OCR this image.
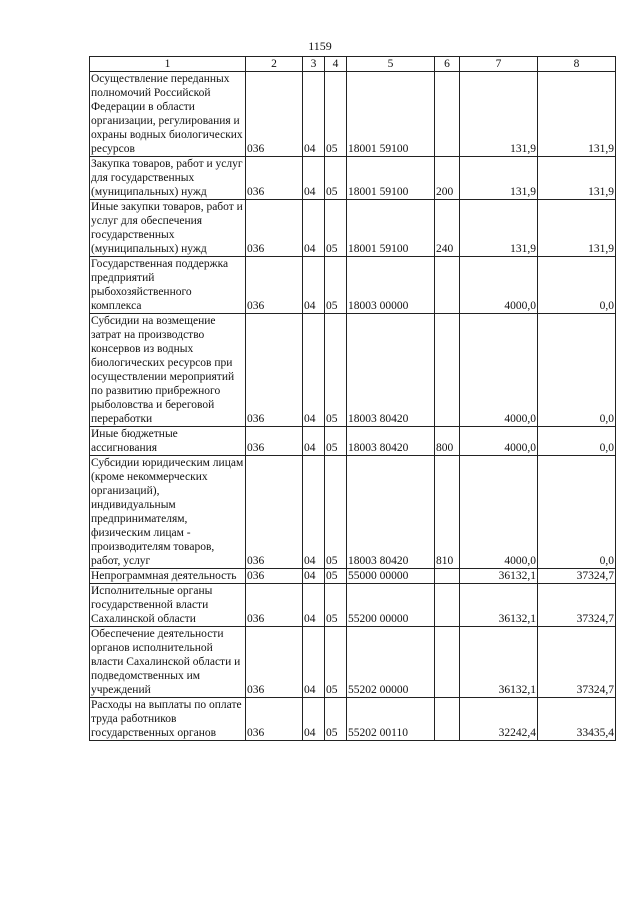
1159
1	2	3	4	5	6	7	8
Осуществление переданных полномочий Российской Федерации в области организации, регулирования и охраны водных биологических ресурсов	036	04	05	18001 59100		131,9	131,9
Закупка товаров, работ и услуг для государственных (муниципальных) нужд	036	04	05	18001 59100	200	131,9	131,9
Иные закупки товаров, работ и услуг для обеспечения государственных (муниципальных) нужд	036	04	05	18001 59100	240	131,9	131,9
Государственная поддержка предприятий рыбохозяйственного комплекса	036	04	05	18003 00000		4000,0	0,0
Субсидии на возмещение затрат на производство консервов из водных биологических ресурсов при осуществлении мероприятий по развитию прибрежного рыболовства и береговой переработки	036	04	05	18003 80420		4000,0	0,0
Иные бюджетные ассигнования	036	04	05	18003 80420	800	4000,0	0,0
Субсидии юридическим лицам (кроме некоммерческих организаций), индивидуальным предпринимателям, физическим лицам - производителям товаров, работ, услуг	036	04	05	18003 80420	810	4000,0	0,0
Непрограммная деятельность	036	04	05	55000 00000		36132,1	37324,7
Исполнительные органы государственной власти Сахалинской области	036	04	05	55200 00000		36132,1	37324,7
Обеспечение деятельности органов исполнительной власти Сахалинской области и подведомственных им учреждений	036	04	05	55202 00000		36132,1	37324,7
Расходы на выплаты по оплате труда работников государственных органов	036	04	05	55202 00110		32242,4	33435,4
